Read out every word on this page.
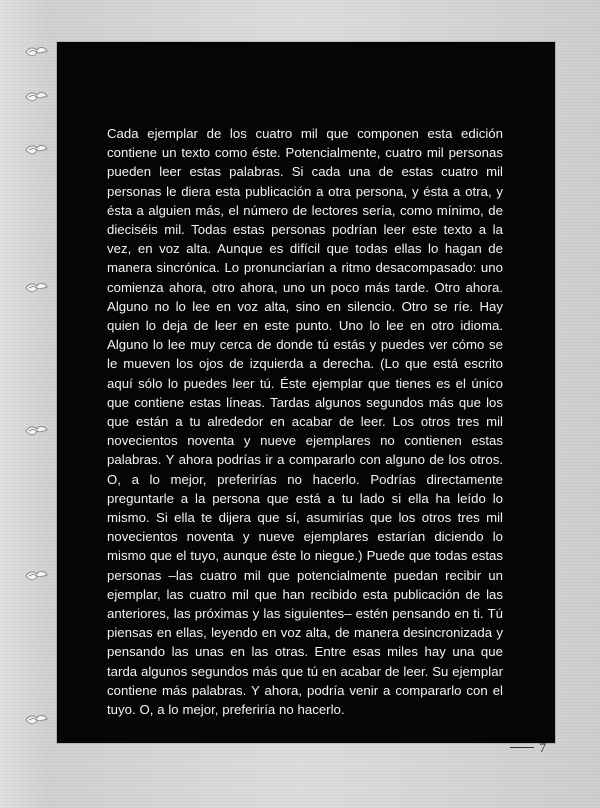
Cada ejemplar de los cuatro mil que componen esta edición contiene un texto como éste. Potencialmente, cuatro mil personas pueden leer estas palabras. Si cada una de estas cuatro mil personas le diera esta publicación a otra persona, y ésta a otra, y ésta a alguien más, el número de lectores sería, como mínimo, de dieciséis mil. Todas estas personas podrían leer este texto a la vez, en voz alta. Aunque es difícil que todas ellas lo hagan de manera sincrónica. Lo pronunciarían a ritmo desacompasado: uno comienza ahora, otro ahora, uno un poco más tarde. Otro ahora. Alguno no lo lee en voz alta, sino en silencio. Otro se ríe. Hay quien lo deja de leer en este punto. Uno lo lee en otro idioma. Alguno lo lee muy cerca de donde tú estás y puedes ver cómo se le mueven los ojos de izquierda a derecha. (Lo que está escrito aquí sólo lo puedes leer tú. Éste ejemplar que tienes es el único que contiene estas líneas. Tardas algunos segundos más que los que están a tu alrededor en acabar de leer. Los otros tres mil novecientos noventa y nueve ejemplares no contienen estas palabras. Y ahora podrías ir a compararlo con alguno de los otros. O, a lo mejor, preferirías no hacerlo. Podrías directamente preguntarle a la persona que está a tu lado si ella ha leído lo mismo. Si ella te dijera que sí, asumirías que los otros tres mil novecientos noventa y nueve ejemplares estarían diciendo lo mismo que el tuyo, aunque éste lo niegue.) Puede que todas estas personas –las cuatro mil que potencialmente puedan recibir un ejemplar, las cuatro mil que han recibido esta publicación de las anteriores, las próximas y las siguientes– estén pensando en ti. Tú piensas en ellas, leyendo en voz alta, de manera desincronizada y pensando las unas en las otras. Entre esas miles hay una que tarda algunos segundos más que tú en acabar de leer. Su ejemplar contiene más palabras. Y ahora, podría venir a compararlo con el tuyo. O, a lo mejor, preferiría no hacerlo.

7
